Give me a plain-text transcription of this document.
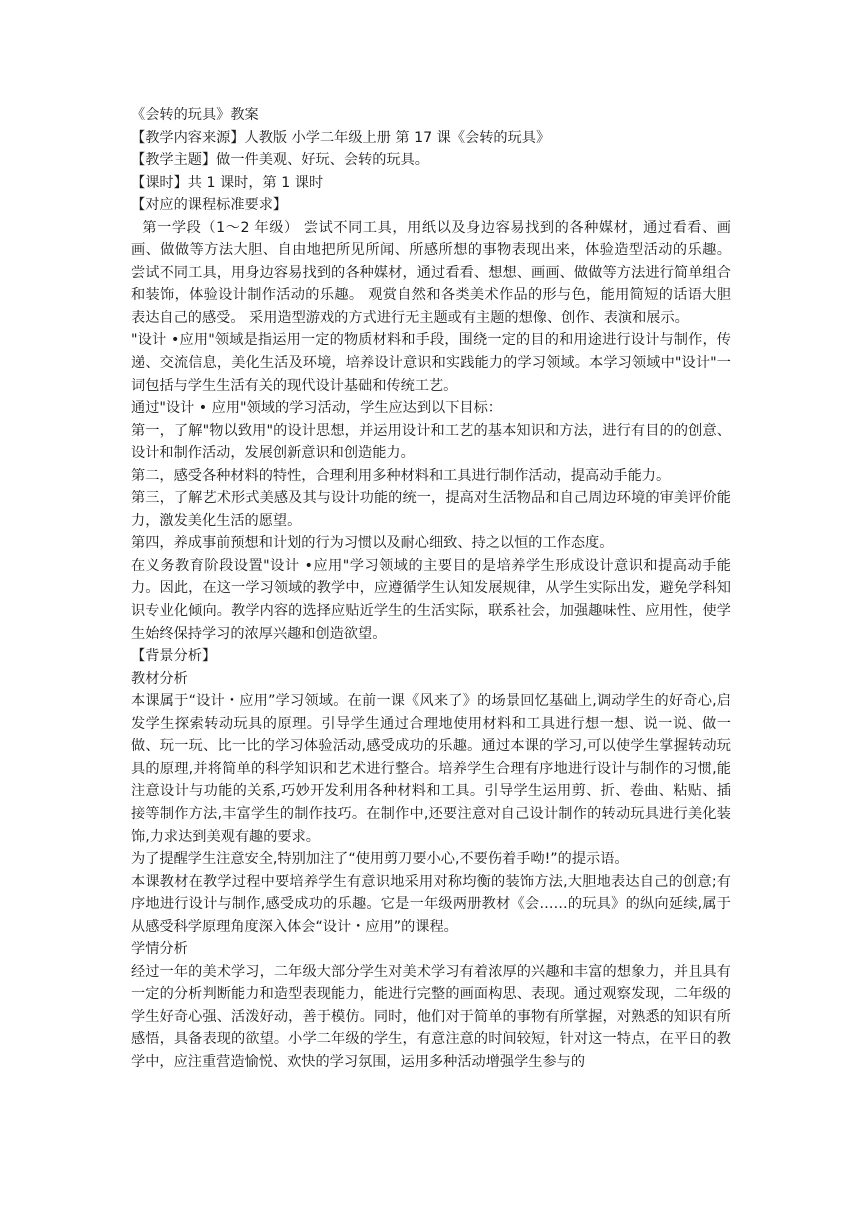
《会转的玩具》教案
【教学内容来源】人教版 小学二年级上册 第 17 课《会转的玩具》
【教学主题】做一件美观、好玩、会转的玩具。
【课时】共 1 课时，第 1 课时
【对应的课程标准要求】
第一学段（1～2 年级） 尝试不同工具，用纸以及身边容易找到的各种媒材，通过看看、画画、做做等方法大胆、自由地把所见所闻、所感所想的事物表现出来，体验造型活动的乐趣。 尝试不同工具，用身边容易找到的各种媒材，通过看看、想想、画画、做做等方法进行简单组合和装饰，体验设计制作活动的乐趣。 观赏自然和各类美术作品的形与色，能用简短的话语大胆表达自己的感受。 采用造型游戏的方式进行无主题或有主题的想像、创作、表演和展示。
"设计 •应用"领域是指运用一定的物质材料和手段，围绕一定的目的和用途进行设计与制作，传递、交流信息，美化生活及环境，培养设计意识和实践能力的学习领域。本学习领域中"设计"一词包括与学生生活有关的现代设计基础和传统工艺。
通过"设计 • 应用"领域的学习活动，学生应达到以下目标：
第一，了解"物以致用"的设计思想，并运用设计和工艺的基本知识和方法，进行有目的的创意、设计和制作活动，发展创新意识和创造能力。
第二，感受各种材料的特性，合理利用多种材料和工具进行制作活动，提高动手能力。
第三，了解艺术形式美感及其与设计功能的统一，提高对生活物品和自己周边环境的审美评价能力，激发美化生活的愿望。
第四，养成事前预想和计划的行为习惯以及耐心细致、持之以恒的工作态度。
在义务教育阶段设置"设计 •应用"学习领域的主要目的是培养学生形成设计意识和提高动手能力。因此，在这一学习领域的教学中，应遵循学生认知发展规律，从学生实际出发，避免学科知识专业化倾向。教学内容的选择应贴近学生的生活实际，联系社会，加强趣味性、应用性，使学生始终保持学习的浓厚兴趣和创造欲望。
【背景分析】
教材分析
本课属于“设计・应用”学习领域。在前一课《风来了》的场景回忆基础上,调动学生的好奇心,启发学生探索转动玩具的原理。引导学生通过合理地使用材料和工具进行想一想、说一说、做一做、玩一玩、比一比的学习体验活动,感受成功的乐趣。通过本课的学习,可以使学生掌握转动玩具的原理,并将简单的科学知识和艺术进行整合。培养学生合理有序地进行设计与制作的习惯,能注意设计与功能的关系,巧妙开发利用各种材料和工具。引导学生运用剪、折、卷曲、粘贴、插接等制作方法,丰富学生的制作技巧。在制作中,还要注意对自己设计制作的转动玩具进行美化装饰,力求达到美观有趣的要求。
为了提醒学生注意安全,特别加注了“使用剪刀要小心,不要伤着手呦!”的提示语。
本课教材在教学过程中要培养学生有意识地采用对称均衡的装饰方法,大胆地表达自己的创意;有序地进行设计与制作,感受成功的乐趣。它是一年级两册教材《会……的玩具》的纵向延续,属于从感受科学原理角度深入体会“设计・应用”的课程。
学情分析
经过一年的美术学习，二年级大部分学生对美术学习有着浓厚的兴趣和丰富的想象力，并且具有一定的分析判断能力和造型表现能力，能进行完整的画面构思、表现。通过观察发现，二年级的学生好奇心强、活泼好动，善于模仿。同时，他们对于简单的事物有所掌握，对熟悉的知识有所感悟，具备表现的欲望。小学二年级的学生，有意注意的时间较短，针对这一特点，在平日的教学中，应注重营造愉悦、欢快的学习氛围，运用多种活动增强学生参与的
